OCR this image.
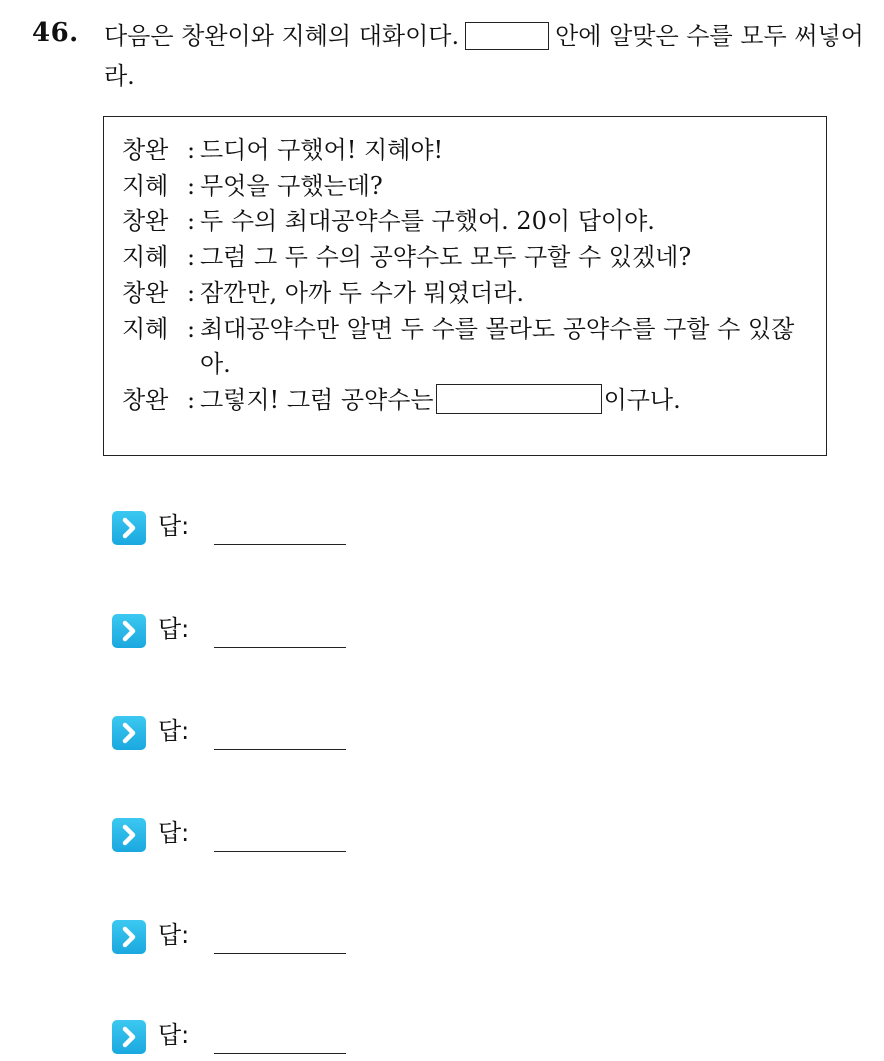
46. 다음은 창완이와 지혜의 대화이다.	안에 알맞은 수를 모두 써넣어라.
창완 : 드디어 구했어! 지혜야!
지혜 : 무엇을 구했는데?
창완 : 두 수의 최대공약수를 구했어. 20이 답이야.
지혜 : 그럼 그 두 수의 공약수도 모두 구할 수 있겠네?
창완 : 잠깐만, 아까 두 수가 뭐였더라.
지혜 : 최대공약수만 알면 두 수를 몰라도 공약수를 구할 수 있잖아.
창완 : 그렇지! 그럼 공약수는	이구나.
답:
답:
답:
답:
답:
답:
